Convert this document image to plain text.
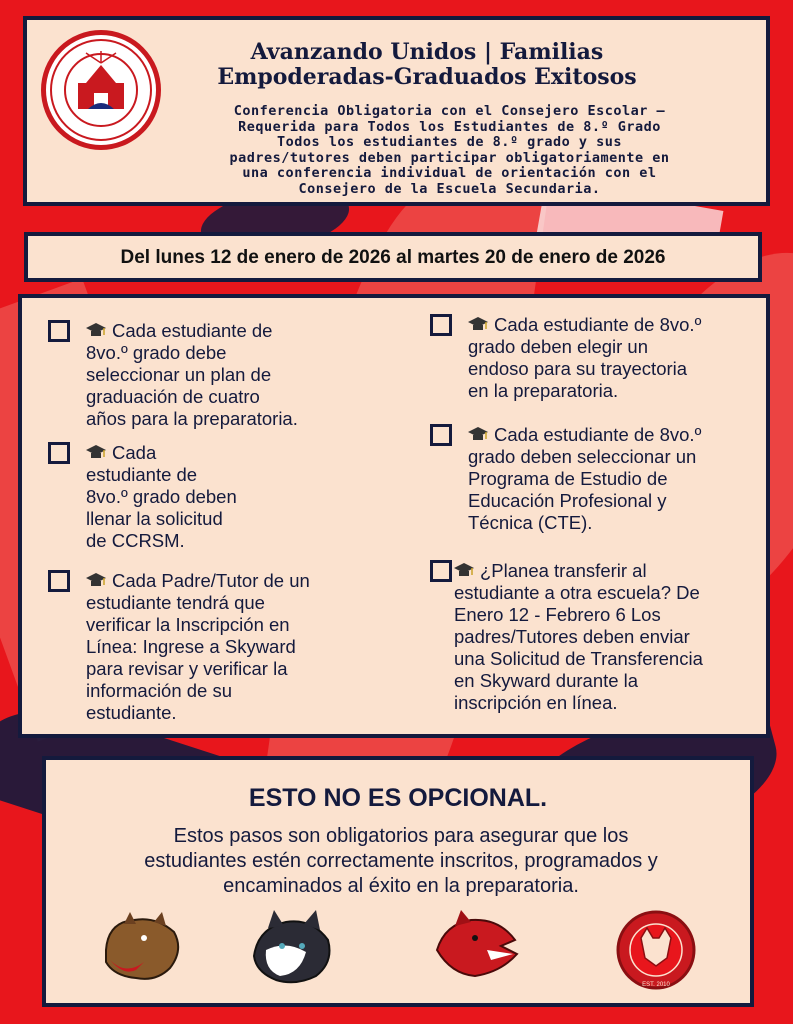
Avanzando Unidos | Familias
Empoderadas-Graduados Exitosos
Conferencia Obligatoria con el Consejero Escolar –
Requerida para Todos los Estudiantes de 8.º Grado
Todos los estudiantes de 8.º grado y sus
padres/tutores deben participar obligatoriamente en
una conferencia individual de orientación con el
Consejero de la Escuela Secundaria.
Del lunes 12 de enero de 2026 al martes 20 de enero de 2026
Cada estudiante de
8vo.º grado debe
seleccionar un plan de
graduación de cuatro
años para la preparatoria.
Cada
estudiante de
8vo.º grado deben
llenar la solicitud
de CCRSM.
Cada Padre/Tutor de un
estudiante tendrá que
verificar la Inscripción en
Línea: Ingrese a Skyward
para revisar y verificar la
información de su
estudiante.
Cada estudiante de 8vo.º
grado deben elegir un
endoso para su trayectoria
en la preparatoria.
Cada estudiante de 8vo.º
grado deben seleccionar un
Programa de Estudio de
Educación Profesional y
Técnica (CTE).
¿Planea transferir al
estudiante a otra escuela? De
Enero 12 - Febrero 6 Los
padres/Tutores deben enviar
una Solicitud de Transferencia
en Skyward durante la
inscripción en línea.
ESTO NO ES OPCIONAL.
Estos pasos son obligatorios para asegurar que los
estudiantes estén correctamente inscritos, programados y
encaminados al éxito en la preparatoria.
EST. 2010
